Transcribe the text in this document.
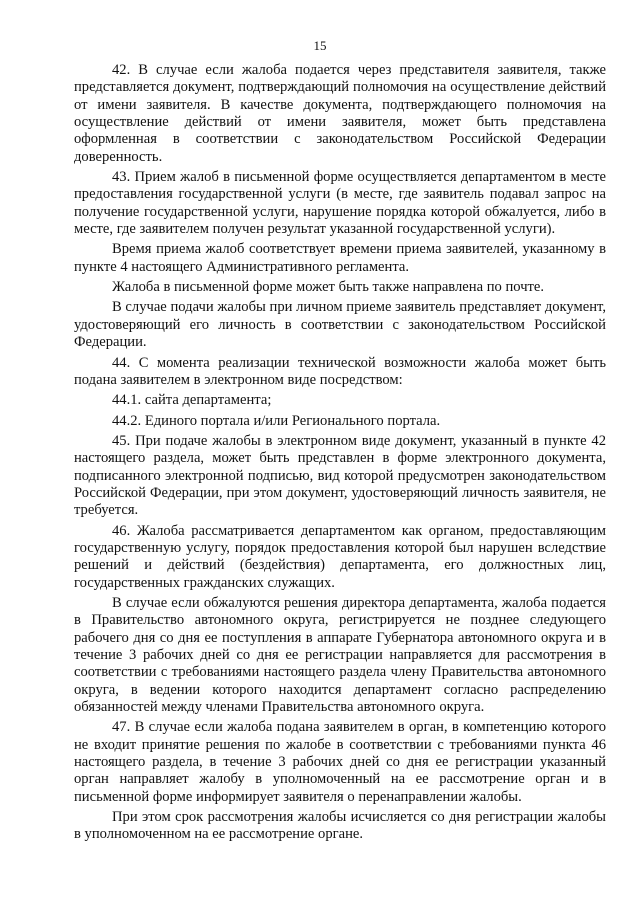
15

42. В случае если жалоба подается через представителя заявителя, также представляется документ, подтверждающий полномочия на осуществление действий от имени заявителя. В качестве документа, подтверждающего полномочия на осуществление действий от имени заявителя, может быть представлена оформленная в соответствии с законодательством Российской Федерации доверенность.

43. Прием жалоб в письменной форме осуществляется департаментом в месте предоставления государственной услуги (в месте, где заявитель подавал запрос на получение государственной услуги, нарушение порядка которой обжалуется, либо в месте, где заявителем получен результат указанной государственной услуги).

Время приема жалоб соответствует времени приема заявителей, указанному в пункте 4 настоящего Административного регламента.

Жалоба в письменной форме может быть также направлена по почте.

В случае подачи жалобы при личном приеме заявитель представляет документ, удостоверяющий его личность в соответствии с законодательством Российской Федерации.

44. С момента реализации технической возможности жалоба может быть подана заявителем в электронном виде посредством:

44.1. сайта департамента;

44.2. Единого портала и/или Регионального портала.

45. При подаче жалобы в электронном виде документ, указанный в пункте 42 настоящего раздела, может быть представлен в форме электронного документа, подписанного электронной подписью, вид которой предусмотрен законодательством Российской Федерации, при этом документ, удостоверяющий личность заявителя, не требуется.

46. Жалоба рассматривается департаментом как органом, предоставляющим государственную услугу, порядок предоставления которой был нарушен вследствие решений и действий (бездействия) департамента, его должностных лиц, государственных гражданских служащих.

В случае если обжалуются решения директора департамента, жалоба подается в Правительство автономного округа, регистрируется не позднее следующего рабочего дня со дня ее поступления в аппарате Губернатора автономного округа и в течение 3 рабочих дней со дня ее регистрации направляется для рассмотрения в соответствии с требованиями настоящего раздела члену Правительства автономного округа, в ведении которого находится департамент согласно распределению обязанностей между членами Правительства автономного округа.

47. В случае если жалоба подана заявителем в орган, в компетенцию которого не входит принятие решения по жалобе в соответствии с требованиями пункта 46 настоящего раздела, в течение 3 рабочих дней со дня ее регистрации указанный орган направляет жалобу в уполномоченный на ее рассмотрение орган и в письменной форме информирует заявителя о перенаправлении жалобы.

При этом срок рассмотрения жалобы исчисляется со дня регистрации жалобы в уполномоченном на ее рассмотрение органе.
